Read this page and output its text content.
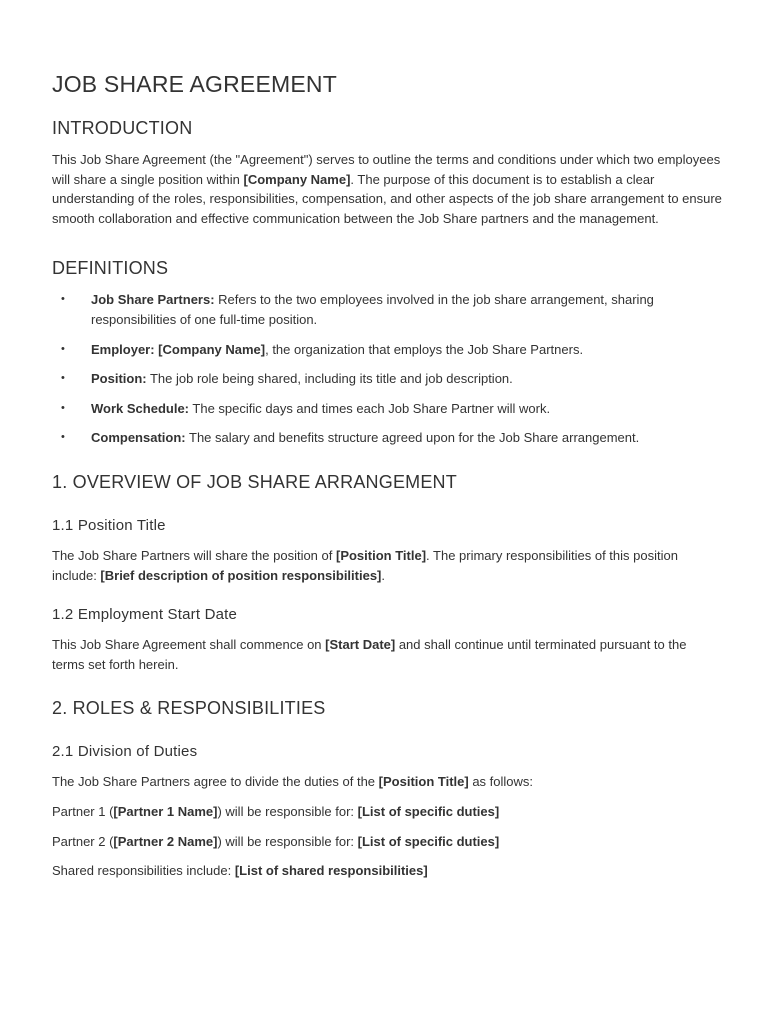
JOB SHARE AGREEMENT
INTRODUCTION

This Job Share Agreement (the "Agreement") serves to outline the terms and conditions under which two employees will share a single position within [Company Name]. The purpose of this document is to establish a clear understanding of the roles, responsibilities, compensation, and other aspects of the job share arrangement to ensure smooth collaboration and effective communication between the Job Share partners and the management.

DEFINITIONS
• Job Share Partners: Refers to the two employees involved in the job share arrangement, sharing responsibilities of one full-time position.
• Employer: [Company Name], the organization that employs the Job Share Partners.
• Position: The job role being shared, including its title and job description.
• Work Schedule: The specific days and times each Job Share Partner will work.
• Compensation: The salary and benefits structure agreed upon for the Job Share arrangement.
1. OVERVIEW OF JOB SHARE ARRANGEMENT
1.1 Position Title

The Job Share Partners will share the position of [Position Title]. The primary responsibilities of this position include: [Brief description of position responsibilities].

1.2 Employment Start Date

This Job Share Agreement shall commence on [Start Date] and shall continue until terminated pursuant to the terms set forth herein.

2. ROLES & RESPONSIBILITIES
2.1 Division of Duties

The Job Share Partners agree to divide the duties of the [Position Title] as follows:

Partner 1 ([Partner 1 Name]) will be responsible for: [List of specific duties]

Partner 2 ([Partner 2 Name]) will be responsible for: [List of specific duties]

Shared responsibilities include: [List of shared responsibilities]
